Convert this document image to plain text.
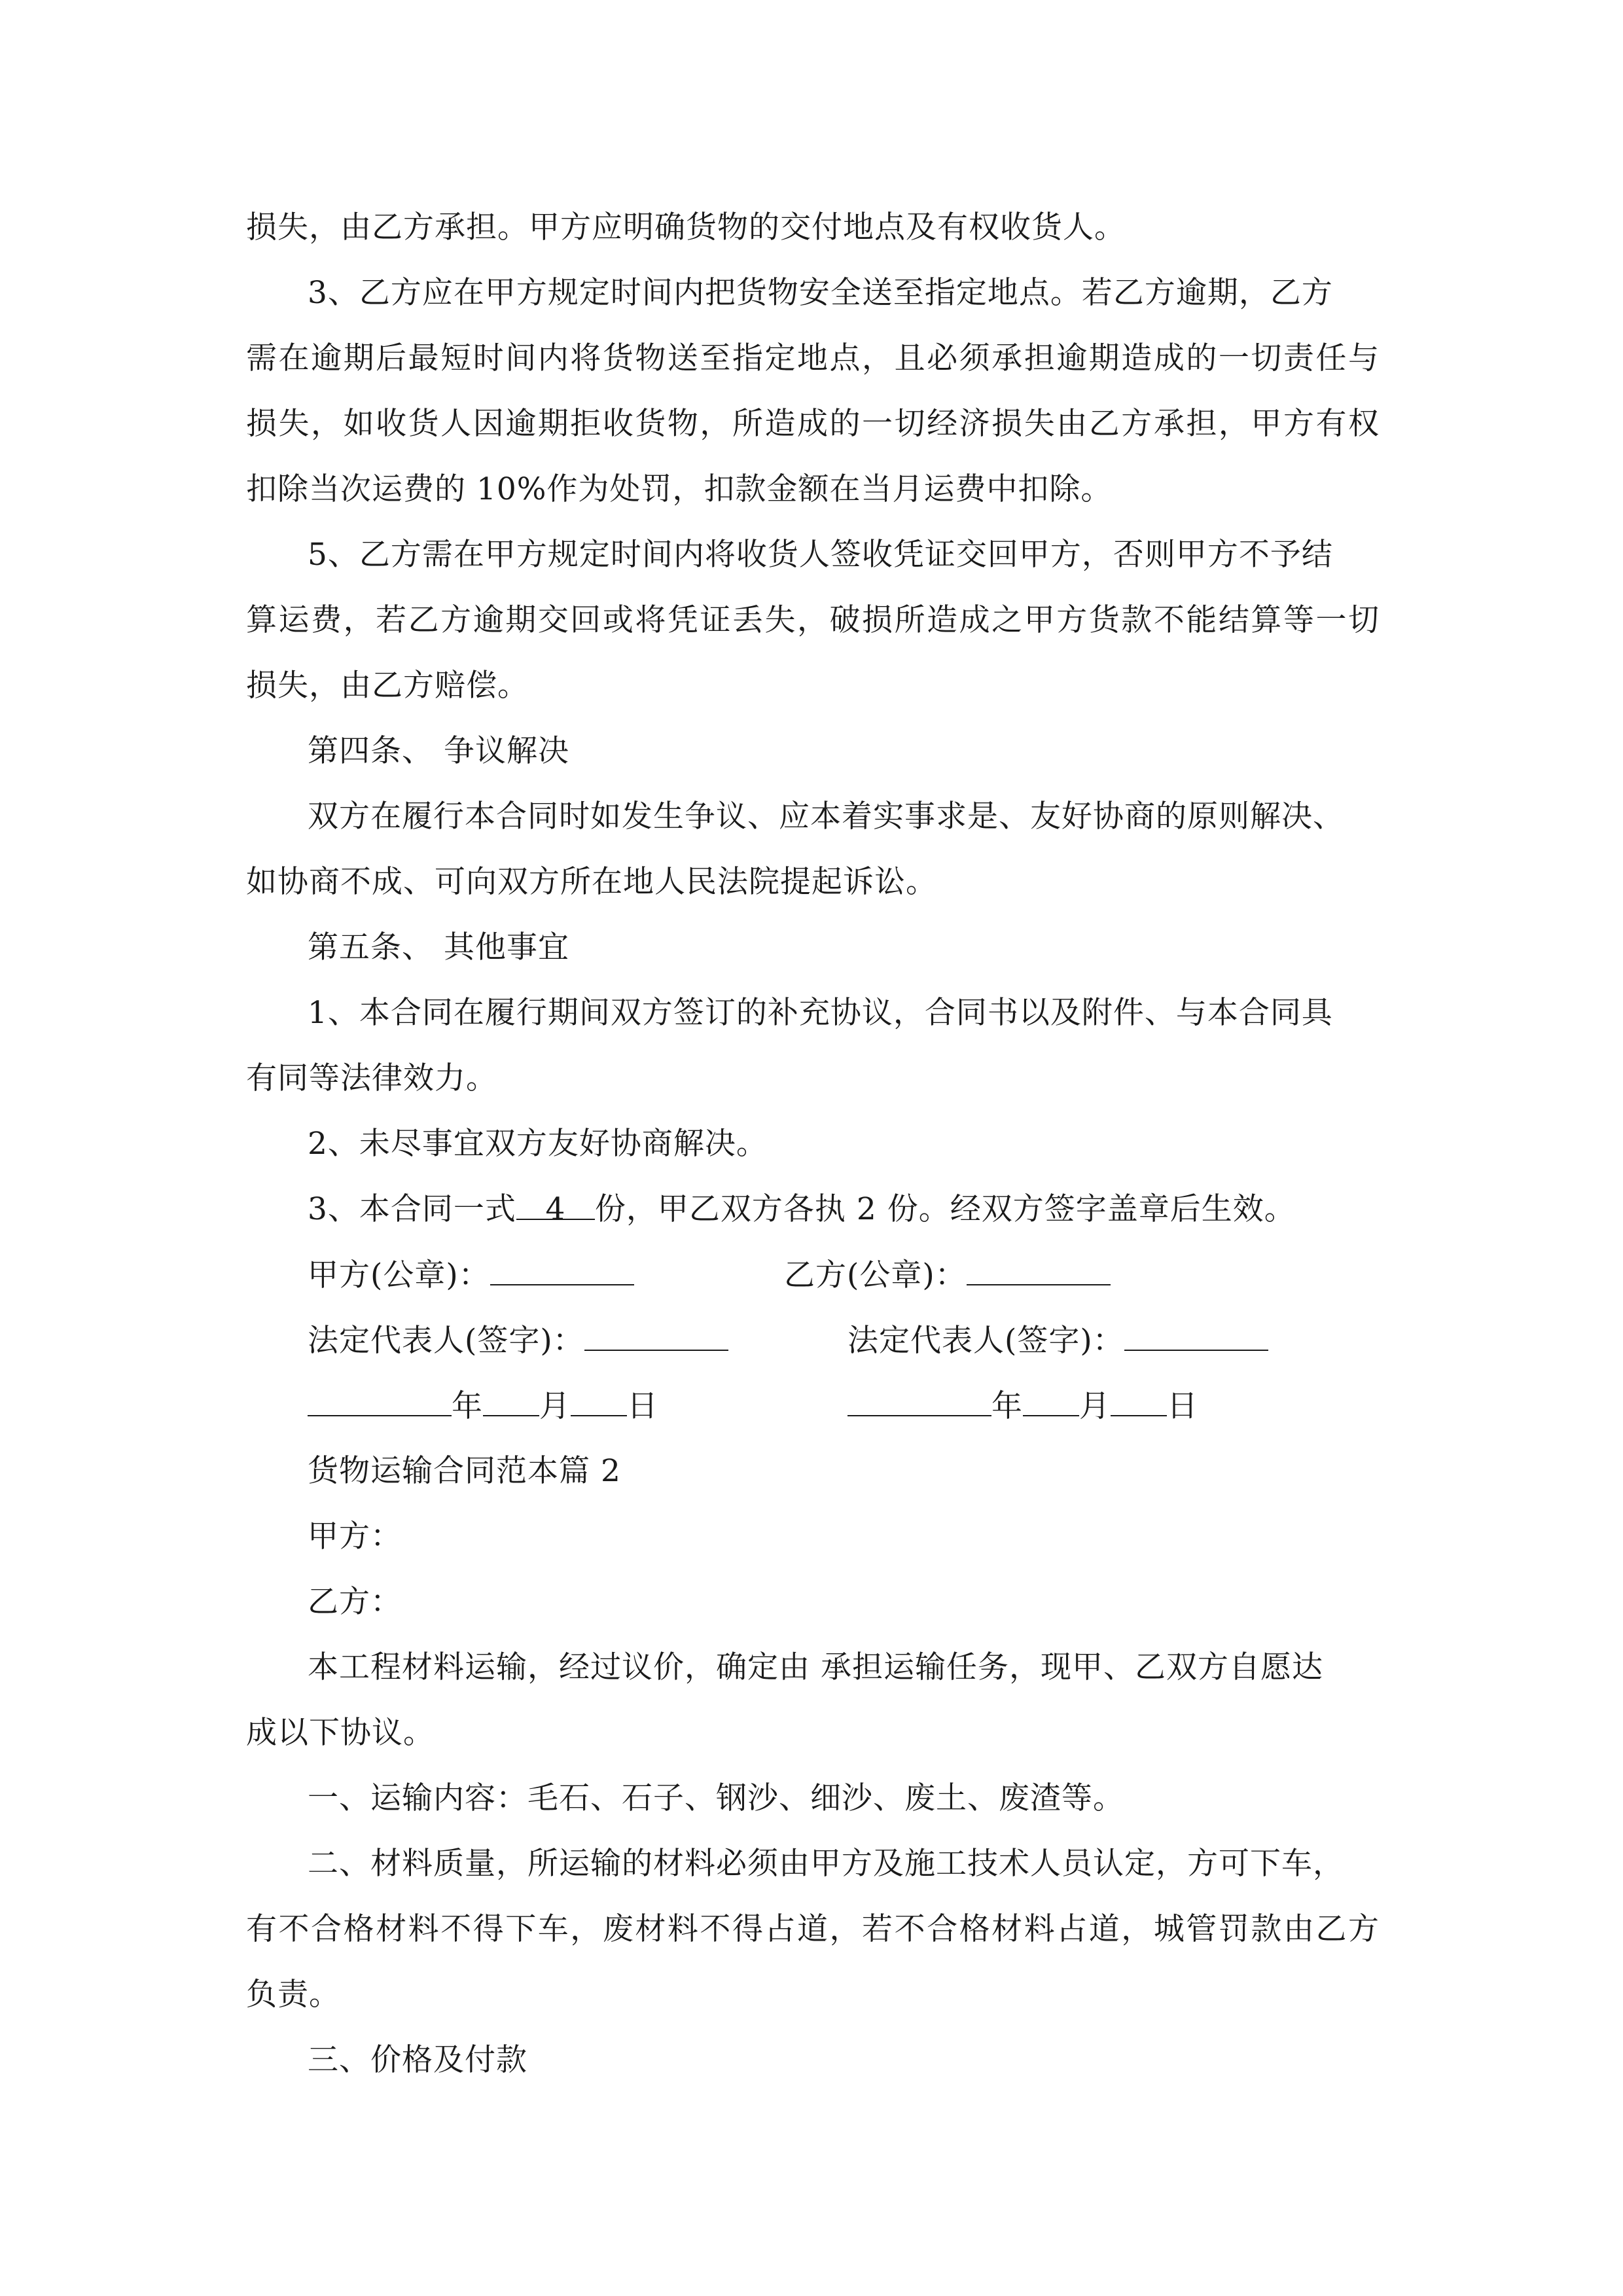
损失，由乙方承担。甲方应明确货物的交付地点及有权收货人。

3、乙方应在甲方规定时间内把货物安全送至指定地点。若乙方逾期，乙方

需在逾期后最短时间内将货物送至指定地点，且必须承担逾期造成的一切责任与

损失，如收货人因逾期拒收货物，所造成的一切经济损失由乙方承担，甲方有权

扣除当次运费的 10%作为处罚，扣款金额在当月运费中扣除。

5、乙方需在甲方规定时间内将收货人签收凭证交回甲方，否则甲方不予结

算运费，若乙方逾期交回或将凭证丢失，破损所造成之甲方货款不能结算等一切

损失，由乙方赔偿。

第四条、 争议解决

双方在履行本合同时如发生争议、应本着实事求是、友好协商的原则解决、

如协商不成、可向双方所在地人民法院提起诉讼。

第五条、 其他事宜

1、本合同在履行期间双方签订的补充协议，合同书以及附件、与本合同具

有同等法律效力。

2、未尽事宜双方友好协商解决。

3、本合同一式 4 份，甲乙双方各执 2 份。经双方签字盖章后生效。

甲方(公章)：	乙方(公章)：

法定代表人(签字)：	法定代表人(签字)：

年 月 日	年 月 日

货物运输合同范本篇 2

甲方：

乙方：

本工程材料运输，经过议价，确定由 承担运输任务，现甲、乙双方自愿达

成以下协议。

一、运输内容：毛石、石子、钢沙、细沙、废土、废渣等。

二、材料质量，所运输的材料必须由甲方及施工技术人员认定，方可下车，

有不合格材料不得下车，废材料不得占道，若不合格材料占道，城管罚款由乙方

负责。

三、价格及付款
